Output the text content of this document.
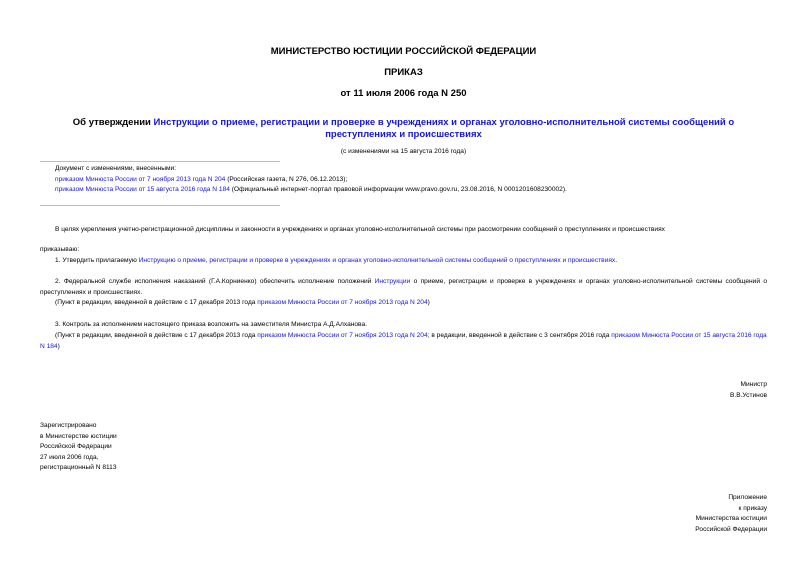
МИНИСТЕРСТВО ЮСТИЦИИ РОССИЙСКОЙ ФЕДЕРАЦИИ
ПРИКАЗ
от 11 июля 2006 года N 250
Об утверждении Инструкции о приеме, регистрации и проверке в учреждениях и органах уголовно-исполнительной системы сообщений о преступлениях и происшествиях
(с изменениями на 15 августа 2016 года)
Документ с изменениями, внесенными:
приказом Минюста России от 7 ноября 2013 года N 204 (Российская газета, N 276, 06.12.2013);
приказом Минюста России от 15 августа 2016 года N 184 (Официальный интернет-портал правовой информации www.pravo.gov.ru, 23.08.2016, N 0001201608230002).
В целях укрепления учетно-регистрационной дисциплины и законности в учреждениях и органах уголовно-исполнительной системы при рассмотрении сообщений о преступлениях и происшествиях
приказываю:
1. Утвердить прилагаемую Инструкцию о приеме, регистрации и проверке в учреждениях и органах уголовно-исполнительной системы сообщений о преступлениях и происшествиях.
2. Федеральной службе исполнения наказаний (Г.А.Корниенко) обеспечить исполнение положений Инструкции о приеме, регистрации и проверке в учреждениях и органах уголовно-исполнительной системы сообщений о преступлениях и происшествиях.
(Пункт в редакции, введенной в действие с 17 декабря 2013 года приказом Минюста России от 7 ноября 2013 года N 204)
3. Контроль за исполнением настоящего приказа возложить на заместителя Министра А.Д.Алханова.
(Пункт в редакции, введенной в действие с 17 декабря 2013 года приказом Минюста России от 7 ноября 2013 года N 204; в редакции, введенной в действие с 3 сентября 2016 года приказом Минюста России от 15 августа 2016 года N 184)
Министр
В.В.Устинов
Зарегистрировано
в Министерстве юстиции
Российской Федерации
27 июля 2006 года,
регистрационный N 8113
Приложение
к приказу
Министерства юстиции
Российской Федерации
